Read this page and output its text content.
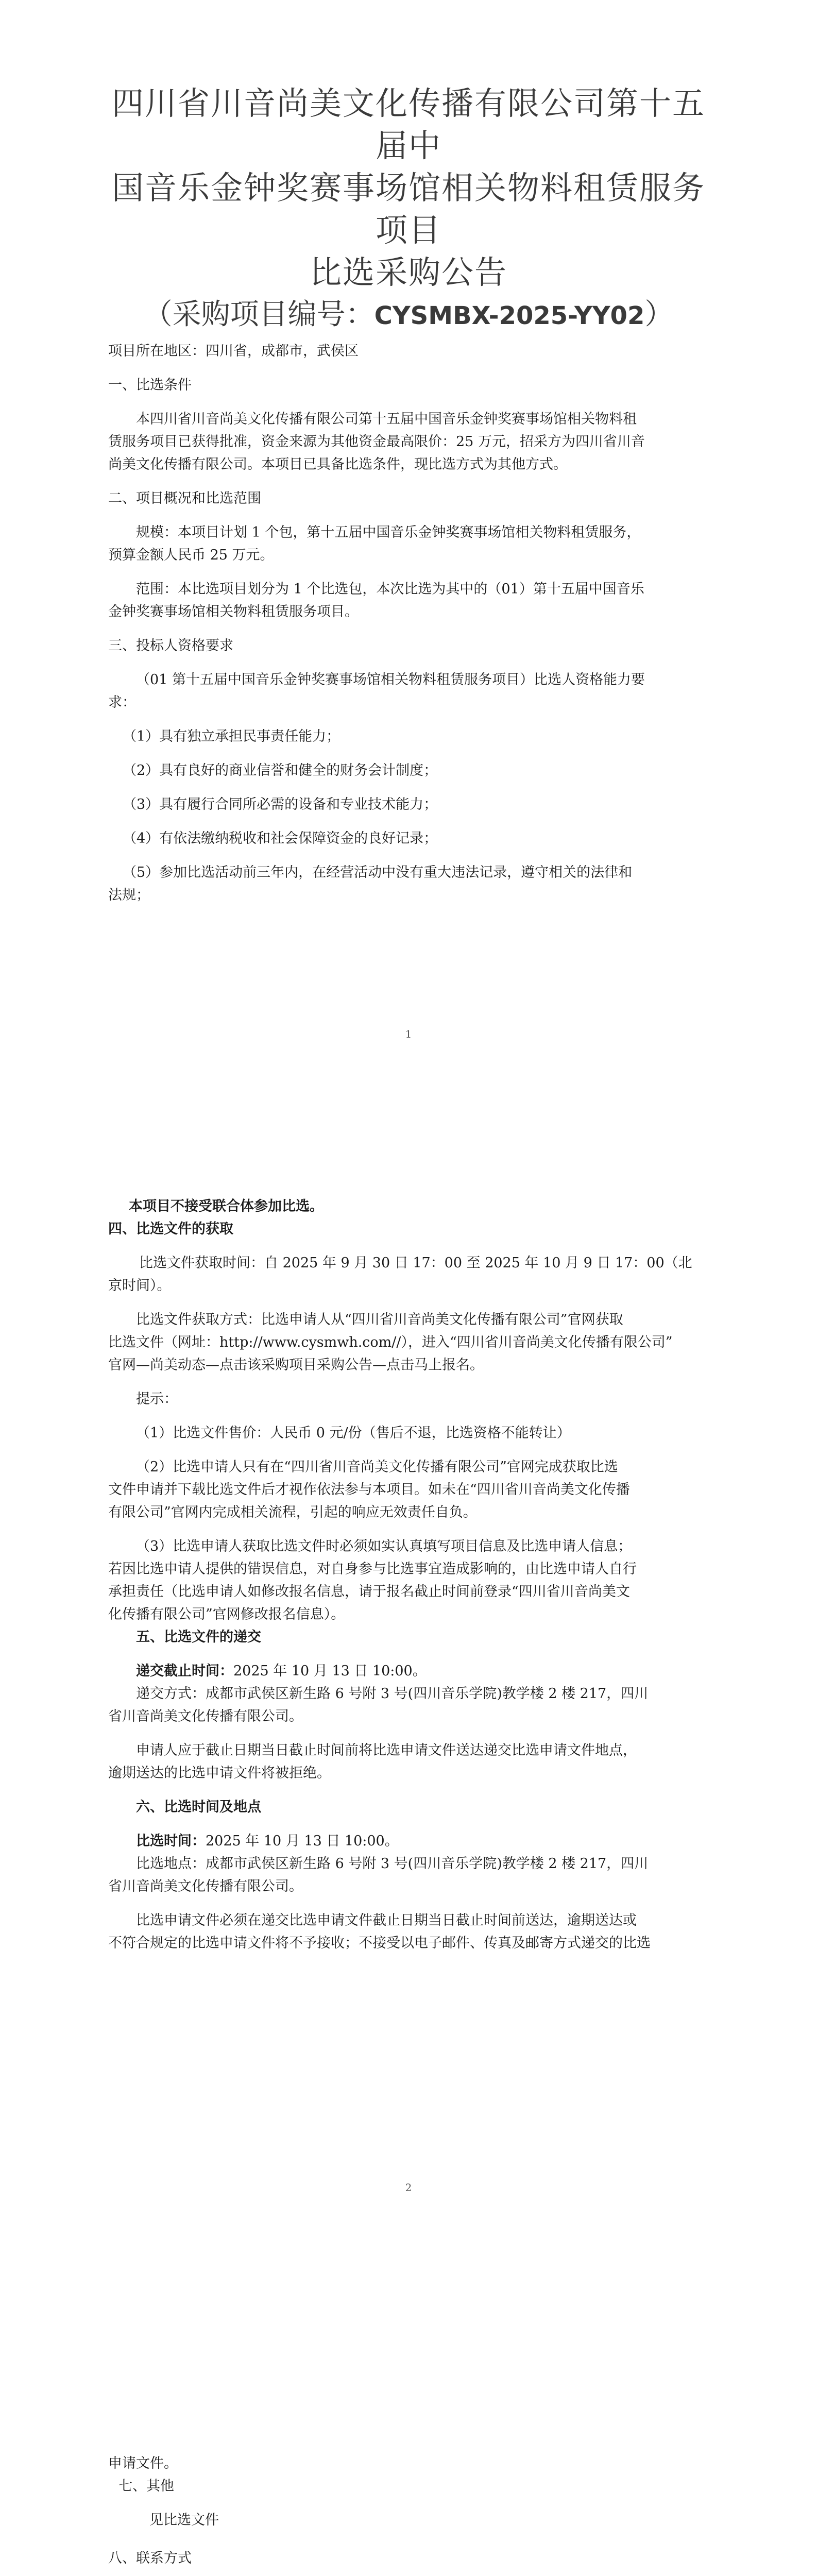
四川省川音尚美文化传播有限公司第十五届中

国音乐金钟奖赛事场馆相关物料租赁服务项目

比选采购公告

（采购项目编号：CYSMBX-2025-YY02）

项目所在地区：四川省，成都市，武侯区

一、比选条件

本四川省川音尚美文化传播有限公司第十五届中国音乐金钟奖赛事场馆相关物料租

赁服务项目已获得批准，资金来源为其他资金最高限价：25 万元，招采方为四川省川音

尚美文化传播有限公司。本项目已具备比选条件，现比选方式为其他方式。

二、项目概况和比选范围

规模：本项目计划 1 个包，第十五届中国音乐金钟奖赛事场馆相关物料租赁服务，

预算金额人民币 25 万元。

范围：本比选项目划分为 1 个比选包，本次比选为其中的（01）第十五届中国音乐

金钟奖赛事场馆相关物料租赁服务项目。

三、投标人资格要求

（01 第十五届中国音乐金钟奖赛事场馆相关物料租赁服务项目）比选人资格能力要

求：

（1）具有独立承担民事责任能力；

（2）具有良好的商业信誉和健全的财务会计制度；

（3）具有履行合同所必需的设备和专业技术能力；

（4）有依法缴纳税收和社会保障资金的良好记录；

（5）参加比选活动前三年内，在经营活动中没有重大违法记录，遵守相关的法律和

法规；

1
2

本项目不接受联合体参加比选。

四、比选文件的获取

比选文件获取时间：自 2025 年 9 月 30 日 17：00 至 2025 年 10 月 9 日 17：00（北

京时间）。

比选文件获取方式：比选申请人从“四川省川音尚美文化传播有限公司”官网获取

比选文件（网址：http://www.cysmwh.com//），进入“四川省川音尚美文化传播有限公司”

官网—尚美动态—点击该采购项目采购公告—点击马上报名。

提示：

（1）比选文件售价：人民币 0 元/份（售后不退，比选资格不能转让）

（2）比选申请人只有在“四川省川音尚美文化传播有限公司”官网完成获取比选

文件申请并下载比选文件后才视作依法参与本项目。如未在“四川省川音尚美文化传播

有限公司”官网内完成相关流程，引起的响应无效责任自负。

（3）比选申请人获取比选文件时必须如实认真填写项目信息及比选申请人信息；

若因比选申请人提供的错误信息，对自身参与比选事宜造成影响的，由比选申请人自行

承担责任（比选申请人如修改报名信息，请于报名截止时间前登录“四川省川音尚美文

化传播有限公司”官网修改报名信息）。

五、比选文件的递交

递交截止时间：2025 年 10 月 13 日 10:00。

递交方式：成都市武侯区新生路 6 号附 3 号(四川音乐学院)教学楼 2 楼 217，四川

省川音尚美文化传播有限公司。

申请人应于截止日期当日截止时间前将比选申请文件送达递交比选申请文件地点，

逾期送达的比选申请文件将被拒绝。

六、比选时间及地点

比选时间：2025 年 10 月 13 日 10:00。

比选地点：成都市武侯区新生路 6 号附 3 号(四川音乐学院)教学楼 2 楼 217，四川

省川音尚美文化传播有限公司。

比选申请文件必须在递交比选申请文件截止日期当日截止时间前送达，逾期送达或

不符合规定的比选申请文件将不予接收；不接受以电子邮件、传真及邮寄方式递交的比选

申请文件。

七、其他

见比选文件

八、联系方式
